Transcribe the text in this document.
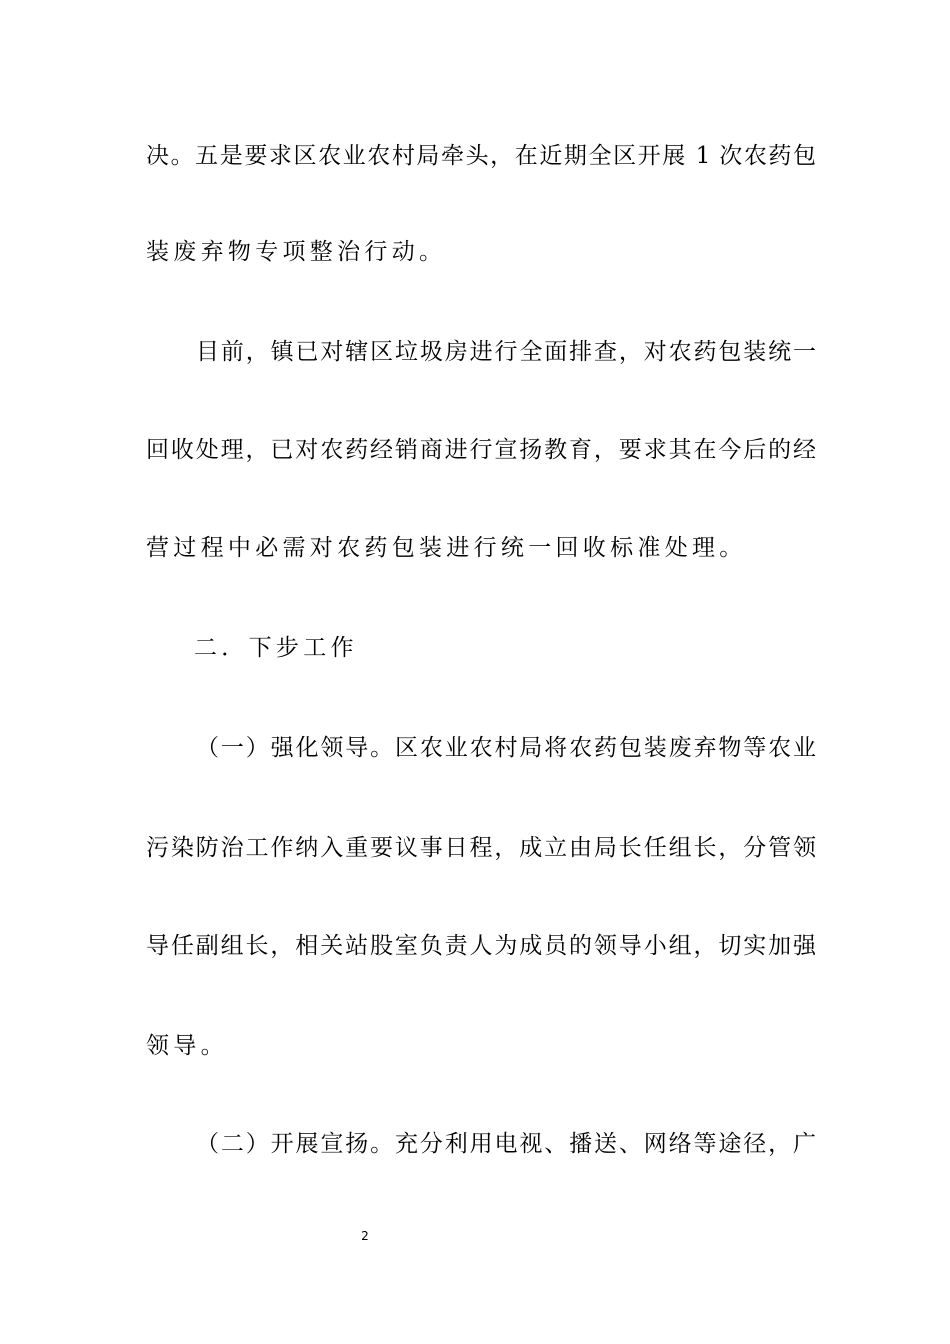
决。五是要求区农业农村局牵头，在近期全区开展 1 次农药包
装废弃物专项整治行动。
目前，镇已对辖区垃圾房进行全面排查，对农药包装统一
回收处理，已对农药经销商进行宣扬教育，要求其在今后的经
营过程中必需对农药包装进行统一回收标准处理。
二．下步工作
（一）强化领导。区农业农村局将农药包装废弃物等农业
污染防治工作纳入重要议事日程，成立由局长任组长，分管领
导任副组长，相关站股室负责人为成员的领导小组，切实加强
领导。
（二）开展宣扬。充分利用电视、播送、网络等途径，广
2
